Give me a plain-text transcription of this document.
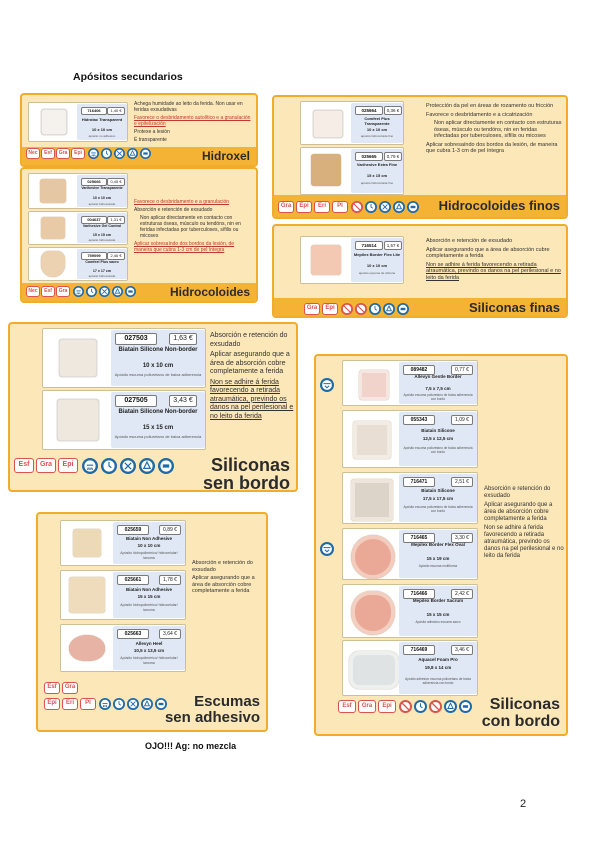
Apósitos secundarios
716406	1,40 €
Hidrotac Transparent
10 x 10 cm
apósito no adhesivo

Achega humidade ao leito da ferida. Non usar en feridas exsudativas

Favorece o desbridamento autolítico e a granulación e epitelización

Protexe a lesión

É transparente

Hidroxel
Nec	Esf	Gra	Epi
025666	0,45 €
Varihesive Transparente
10 x 10 cm
apósito hidrocoloide
004637	1,31 €
Varihesive Gel Control
15 x 15 cm
apósito hidrocoloide
759099	2,46 €
Comfeel Plus sacro
17 x 17 cm
apósito hidrocoloide

Favorece o desbridamento e a granulación

Absorción e retención de exsudado

Non aplicar directamente en contacto con estruturas óseas, músculo ou tendóns, nin en feridas infectadas por tuberculoses, sífilis ou micoses

Aplicar sobresaíndo dos bordos da lesión, de maneira que cubra 1-3 cm de pel íntegra

Hidrocoloides
Nec	Esf	Gra
025664	0,36 €
Comfeel Plus Transparente
10 x 10 cm
apósito hidrocoloide fino
025665	0,79 €
Varihesive Extra Fine
15 x 15 cm
apósito hidrocoloide fino

Protección da pel en áreas de rozamento ou fricción

Favorece o desbridamento e a cicatrización

Non aplicar directamente en contacto con estruturas óseas, músculo ou tendóns, nin en feridas infectadas por tuberculoses, sífilis ou micoses

Aplicar sobresaíndo dos bordos da lesión, de maneira que cubra 1-3 cm de pel íntegra

Hidrocoloides finos
Gra	Epi	Eri	Pl
716514	1,57 €
Mepilex Border Flex Lite
10 x 10 cm
apósito espuma de silicona

Absorción e retención de exsudado

Aplicar asegurando que a área de absorción cubre completamente a ferida

Non se adhire á ferida favorecendo a retirada atraumática, previndo os danos na pel perilesional e no leito da ferida

Siliconas finas
Gra	Epi
027503	1,63 €
Biatain Silicone Non-border
10 x 10 cm
Apósito escuma poliuretano de baixa adherencia
027505	3,43 €
Biatain Silicone Non-border
15 x 15 cm
Apósito escuma poliuretano de baixa adherencia

Absorción e retención do exsudado

Aplicar asegurando que a área de absorción cobre completamente a ferida

Non se adhire á ferida favorecendo a retirada atraumática, previndo os danos na pel perilesional e no leito da ferida

Esf	Gra	Epi	Siliconas
sen bordo
025659	0,89 €
Biatain Non Adhesive
10 x 10 cm
Apósito hidropolimérico/ hidrocelular/ lanoma
025661	1,78 €
Biatain Non Adhesive
15 x 15 cm
Apósito hidropolimérico/ hidrocelular/ lanoma
025663	3,64 €
Allevyn Heel
10,5 x 13,5 cm
Apósito hidropolimérico/ hidrocelular/ lanoma

Absorción e retención do exsudado

Aplicar asegurando que a área de absorción cobre completamente a ferida

Esf	Gra
Epi	Eri	Pl	Escumas
sen adhesivo
089482	0,77 €
Allevyn Gentle Border
7,5 x 7,5 cm
Apósito escuma poliuretano de baixa adherencia con bordo
055343	1,09 €
Biatain Silicone
12,5 x 12,5 cm
Apósito escuma poliuretano de baixa adherencia con bordo
716471	2,51 €
Biatain Silicone
17,5 x 17,5 cm
Apósito escuma poliuretano de baixa adherencia con bordo
716465	3,30 €
Mepilex Border Flex Oval
15 x 19 cm
Apósito escuma multiforma
716466	2,42 €
Mepilex Border Sacrum
15 x 15 cm
Apósito adhesivo escuma sacro
716469	3,46 €
Aquacel Foam Pro
19,8 x 14 cm
Apósito adhesivo escuma poliuretano de baixa adherencia con bordo

Absorción e retención do exsudado

Aplicar asegurando que a área de absorción cobre completamente a ferida

Non se adhire á ferida favorecendo a retirada atraumática, previndo os danos na pel perilesional e no leito da ferida

Esf	Gra	Epi	Siliconas
con bordo
OJO!!! Ag: no mezcla
2
